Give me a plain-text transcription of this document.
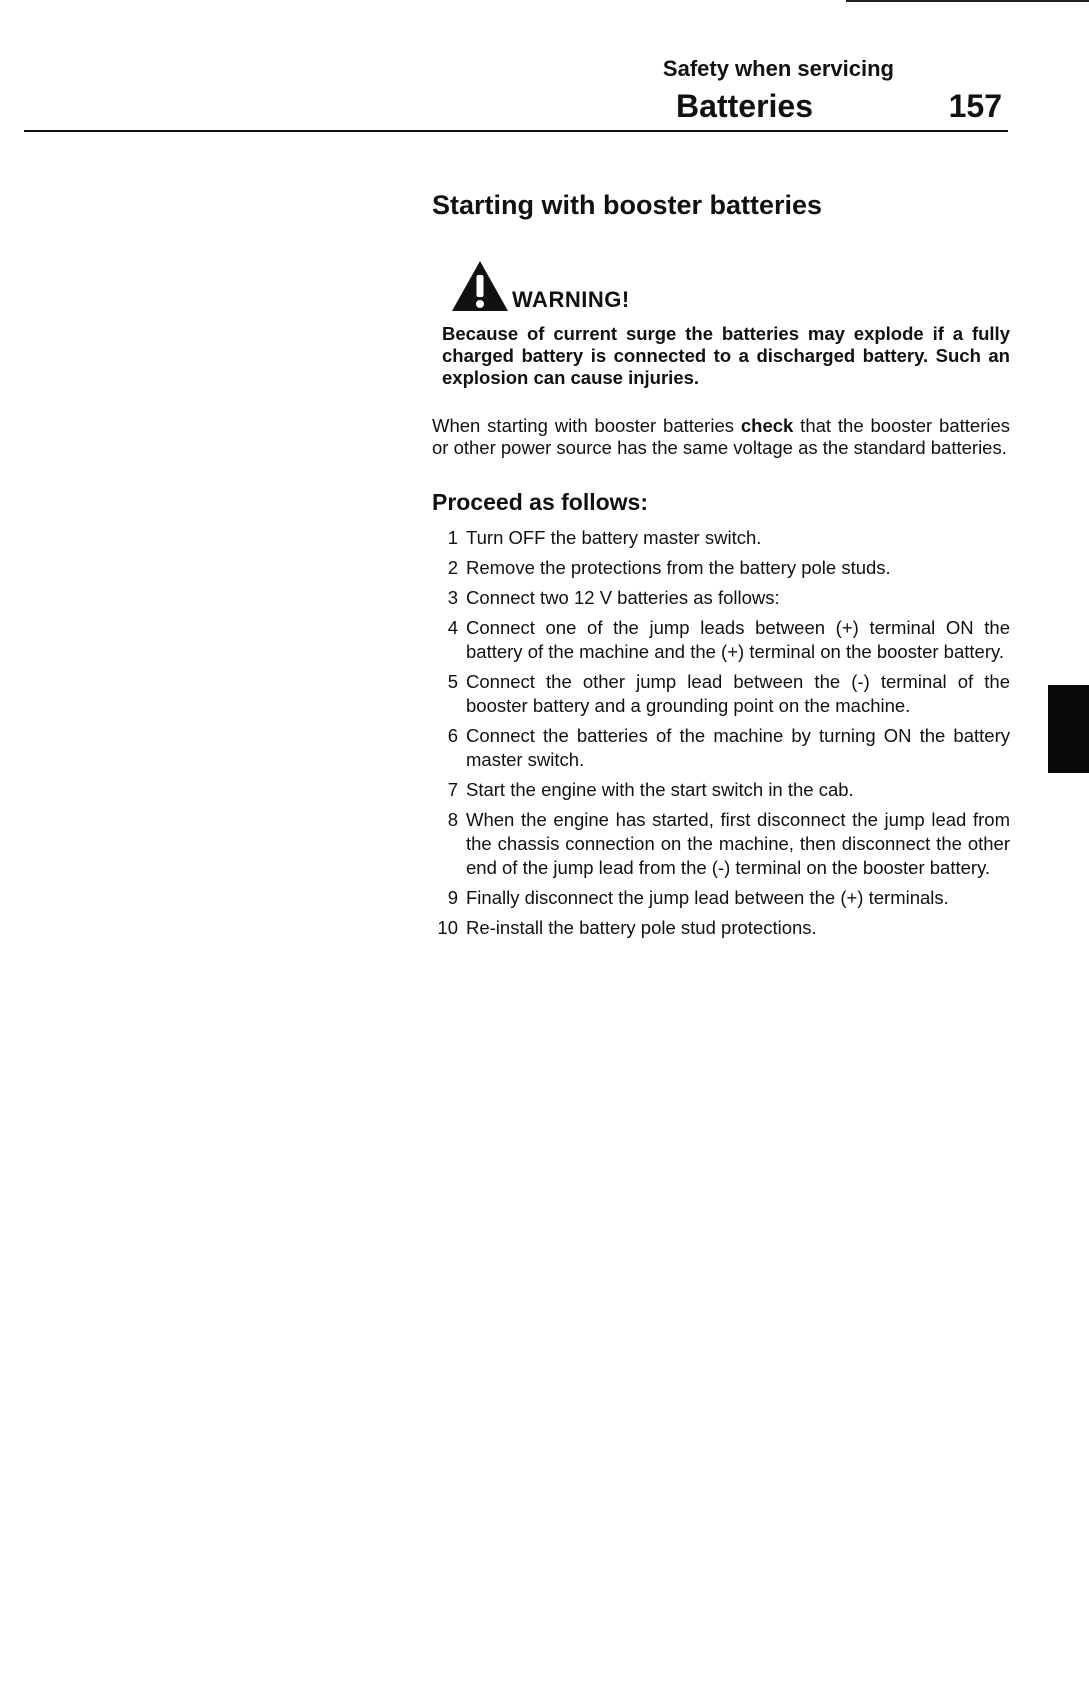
Safety when servicing
Batteries	157
Starting with booster batteries
WARNING!

Because of current surge the batteries may explode if a fully charged battery is connected to a discharged battery. Such an explosion can cause injuries.

When starting with booster batteries check that the booster batteries or other power source has the same voltage as the standard batteries.

Proceed as follows:
1 Turn OFF the battery master switch.
2 Remove the protections from the battery pole studs.
3 Connect two 12 V batteries as follows:
4 Connect one of the jump leads between (+) terminal ON the battery of the machine and the (+) terminal on the booster battery.
5 Connect the other jump lead between the (-) terminal of the booster battery and a grounding point on the machine.
6 Connect the batteries of the machine by turning ON the battery master switch.
7 Start the engine with the start switch in the cab.
8 When the engine has started, first disconnect the jump lead from the chassis connection on the machine, then disconnect the other end of the jump lead from the (-) terminal on the booster battery.
9 Finally disconnect the jump lead between the (+) terminals.
10 Re-install the battery pole stud protections.
